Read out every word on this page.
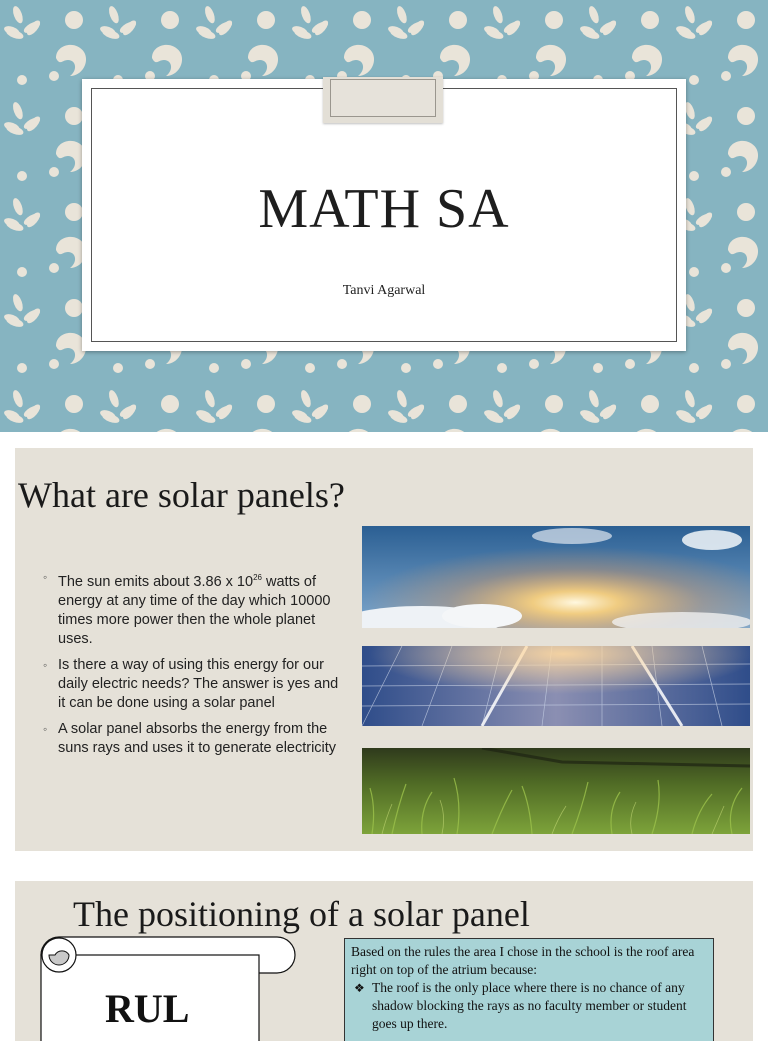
MATH SA

Tanvi Agarwal

What are solar panels?
◦ The sun emits about 3.86 x $10^{26}$ watts of energy at any time of the day which 10000 times more power then the whole planet uses.
◦ Is there a way of using this energy for our daily electric needs? The answer is yes and it can be done using a solar panel
◦ A solar panel absorbs the energy from the suns rays and uses it to generate electricity
The positioning of a solar panel

RUL

Based on the rules the area I chose in the school is the roof area right on top of the atrium because:

❖ The roof is the only place where there is no chance of any shadow blocking the rays as no faculty member or student goes up there.
